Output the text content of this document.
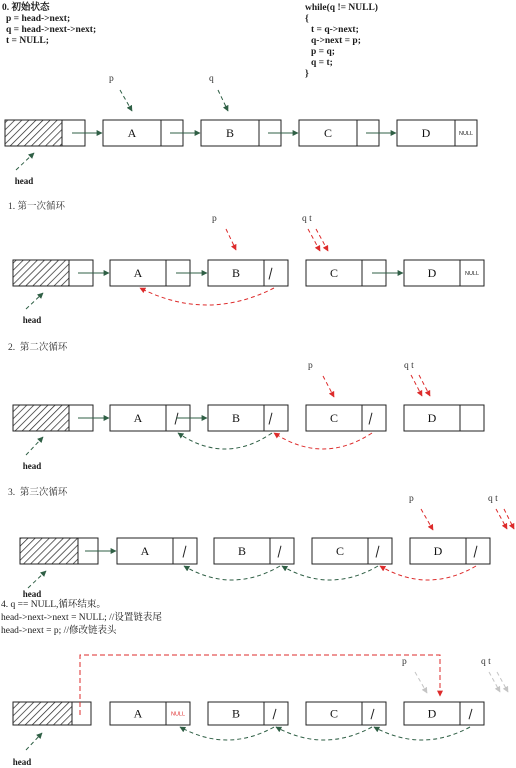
0. 初始状态
p = head->next;
q = head->next->next;
t = NULL;
while(q != NULL)
{
t = q->next;
q->next = p;
p = q;
q = t;
}
1. 第一次循环
2.  第二次循环
3.  第三次循环
4. q == NULL,循环结束。
head->next->next = NULL; //设置链表尾
head->next = p; //修改链表头
A	B	C	D	NULL
p	q
head
A	B	C	D	NULL
p	q t
head
A	B	C	D
p	q t
head
A	B	C	D
p	q t
head
A	NULL	B	C	D
p	q t
head
